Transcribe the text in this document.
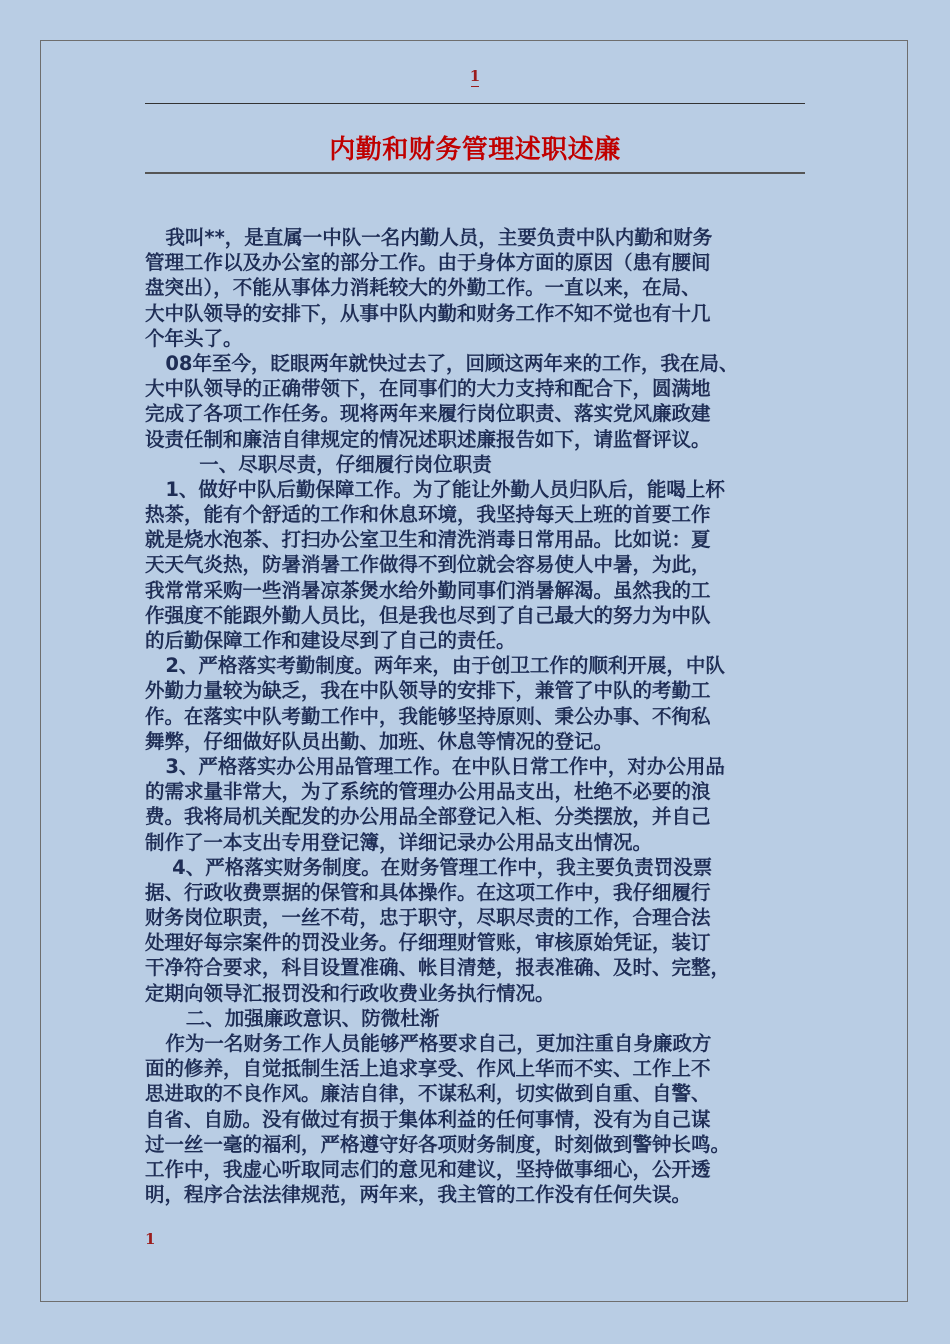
1
内勤和财务管理述职述廉
我叫**，是直属一中队一名内勤人员，主要负责中队内勤和财务
管理工作以及办公室的部分工作。由于身体方面的原因（患有腰间
盘突出），不能从事体力消耗较大的外勤工作。一直以来，在局、
大中队领导的安排下，从事中队内勤和财务工作不知不觉也有十几
个年头了。
08年至今，眨眼两年就快过去了，回顾这两年来的工作，我在局、
大中队领导的正确带领下，在同事们的大力支持和配合下，圆满地
完成了各项工作任务。现将两年来履行岗位职责、落实党风廉政建
设责任制和廉洁自律规定的情况述职述廉报告如下，请监督评议。
一、尽职尽责，仔细履行岗位职责
1、做好中队后勤保障工作。为了能让外勤人员归队后，能喝上杯
热茶，能有个舒适的工作和休息环境，我坚持每天上班的首要工作
就是烧水泡茶、打扫办公室卫生和清洗消毒日常用品。比如说：夏
天天气炎热，防暑消暑工作做得不到位就会容易使人中暑，为此，
我常常采购一些消暑凉茶煲水给外勤同事们消暑解渴。虽然我的工
作强度不能跟外勤人员比，但是我也尽到了自己最大的努力为中队
的后勤保障工作和建设尽到了自己的责任。
2、严格落实考勤制度。两年来，由于创卫工作的顺利开展，中队
外勤力量较为缺乏，我在中队领导的安排下，兼管了中队的考勤工
作。在落实中队考勤工作中，我能够坚持原则、秉公办事、不徇私
舞弊，仔细做好队员出勤、加班、休息等情况的登记。
3、严格落实办公用品管理工作。在中队日常工作中，对办公用品
的需求量非常大，为了系统的管理办公用品支出，杜绝不必要的浪
费。我将局机关配发的办公用品全部登记入柜、分类摆放，并自己
制作了一本支出专用登记簿，详细记录办公用品支出情况。
4、严格落实财务制度。在财务管理工作中，我主要负责罚没票
据、行政收费票据的保管和具体操作。在这项工作中，我仔细履行
财务岗位职责，一丝不苟，忠于职守，尽职尽责的工作，合理合法
处理好每宗案件的罚没业务。仔细理财管账，审核原始凭证，装订
干净符合要求，科目设置准确、帐目清楚，报表准确、及时、完整，
定期向领导汇报罚没和行政收费业务执行情况。
二、加强廉政意识、防微杜渐
作为一名财务工作人员能够严格要求自己，更加注重自身廉政方
面的修养，自觉抵制生活上追求享受、作风上华而不实、工作上不
思进取的不良作风。廉洁自律，不谋私利，切实做到自重、自警、
自省、自励。没有做过有损于集体利益的任何事情，没有为自己谋
过一丝一毫的福利，严格遵守好各项财务制度，时刻做到警钟长鸣。
工作中，我虚心听取同志们的意见和建议，坚持做事细心，公开透
明，程序合法法律规范，两年来，我主管的工作没有任何失误。
1
